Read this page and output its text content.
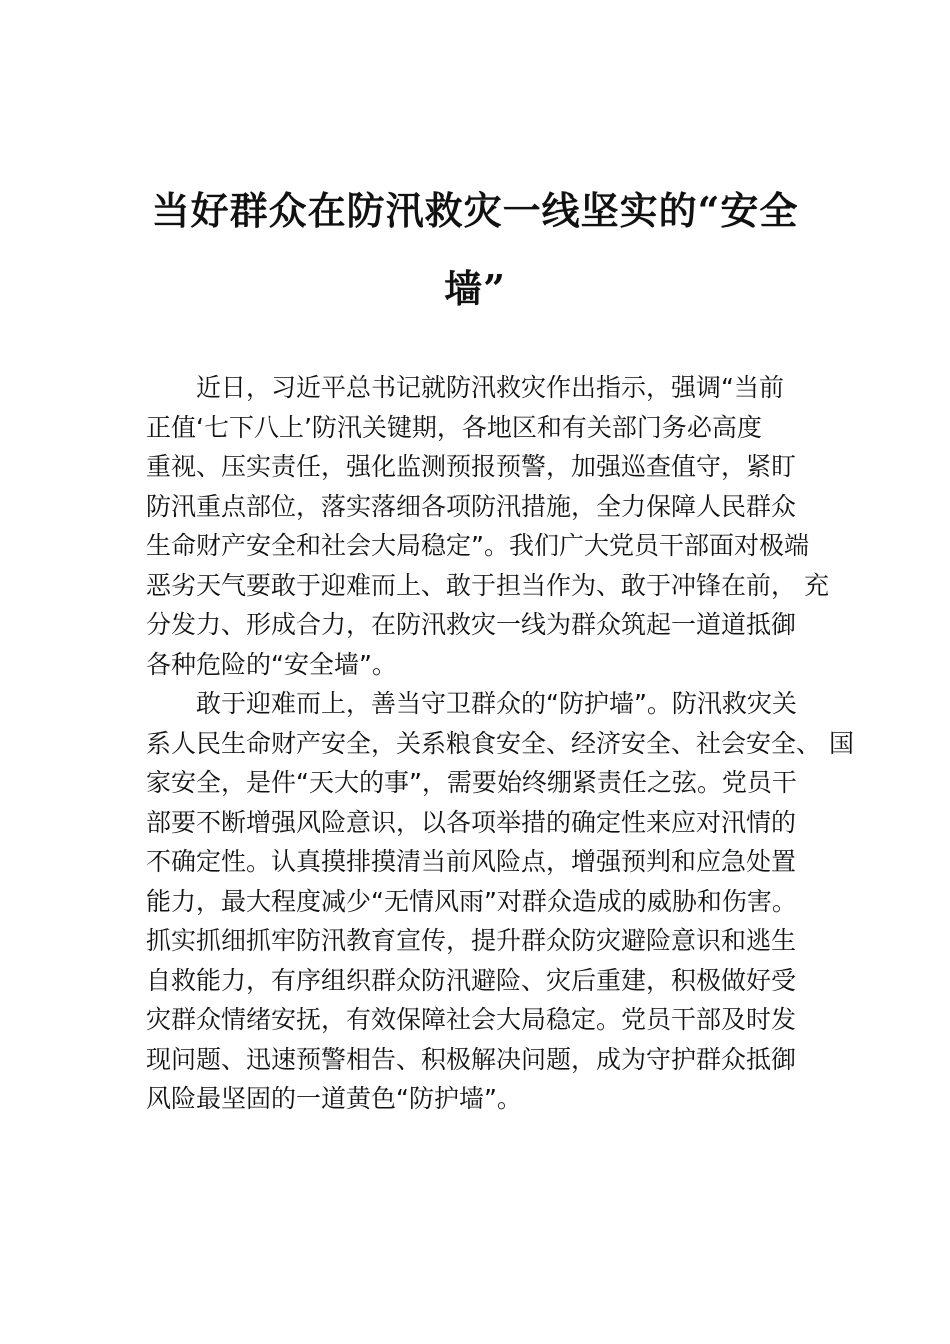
当好群众在防汛救灾一线坚实的“安全
墙”
近日，习近平总书记就防汛救灾作出指示，强调“当前
正值‘七下八上’防汛关键期，各地区和有关部门务必高度
重视、压实责任，强化监测预报预警，加强巡查值守，紧盯
防汛重点部位，落实落细各项防汛措施，全力保障人民群众
生命财产安全和社会大局稳定”。我们广大党员干部面对极端
恶劣天气要敢于迎难而上、敢于担当作为、敢于冲锋在前， 充
分发力、形成合力，在防汛救灾一线为群众筑起一道道抵御
各种危险的“安全墙”。
敢于迎难而上，善当守卫群众的“防护墙”。防汛救灾关
系人民生命财产安全，关系粮食安全、经济安全、社会安全、 国
家安全，是件“天大的事”，需要始终绷紧责任之弦。党员干
部要不断增强风险意识，以各项举措的确定性来应对汛情的
不确定性。认真摸排摸清当前风险点，增强预判和应急处置
能力，最大程度减少“无情风雨”对群众造成的威胁和伤害。
抓实抓细抓牢防汛教育宣传，提升群众防灾避险意识和逃生
自救能力，有序组织群众防汛避险、灾后重建，积极做好受
灾群众情绪安抚，有效保障社会大局稳定。党员干部及时发
现问题、迅速预警相告、积极解决问题，成为守护群众抵御
风险最坚固的一道黄色“防护墙”。
